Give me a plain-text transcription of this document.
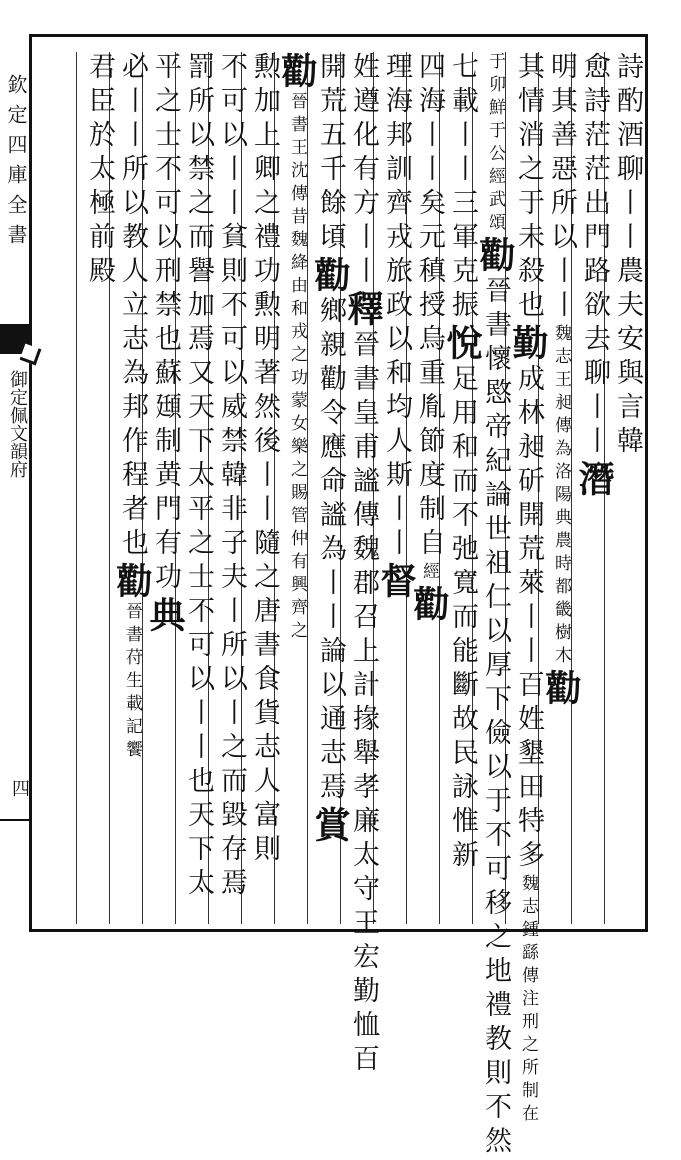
欽定四庫全書
御定佩文韻府
四
詩酌酒聊丨丨農夫安與言韓
愈詩茫茫出門路欲去聊丨丨潛
明其善惡所以丨丨魏志王昶傳為洛陽典農時都畿樹木勸
其情消之于未殺也勤成林昶斫開荒萊丨丨百姓墾田特多魏志鍾繇傳注刑之所制在
于卯鮮于公經武頌勸晉書懷愍帝紀論世祖仁以厚下儉以于不可移之地禮教則不然
七載丨丨三軍克振悅足用和而不弛寬而能斷故民詠惟新
四海丨丨矣元稹授烏重胤節度制自經勸
理海邦訓齊戎旅政以和均人斯丨丨督
姓遵化有方丨丨釋晉書皇甫謐傳魏郡召上計掾舉孝廉太守王宏勤恤百
開荒五千餘頃勸鄉親勸令應命謐為丨丨論以通志焉賞
勸晉書王沈傳昔魏絳由和戎之功蒙女樂之賜管仲有興齊之
勲加上卿之禮功勲明著然後丨丨隨之唐書食貨志人富則
不可以丨丨貧則不可以威禁韓非子夫丨所以丨之而毀存焉
罰所以禁之而譽加焉又天下太平之士不可以丨丨也天下太
平之士不可以刑禁也蘇頲制黄門有功典
必丨丨所以教人立志為邦作程者也勸晉書苻生載記饗
君臣於太極前殿
